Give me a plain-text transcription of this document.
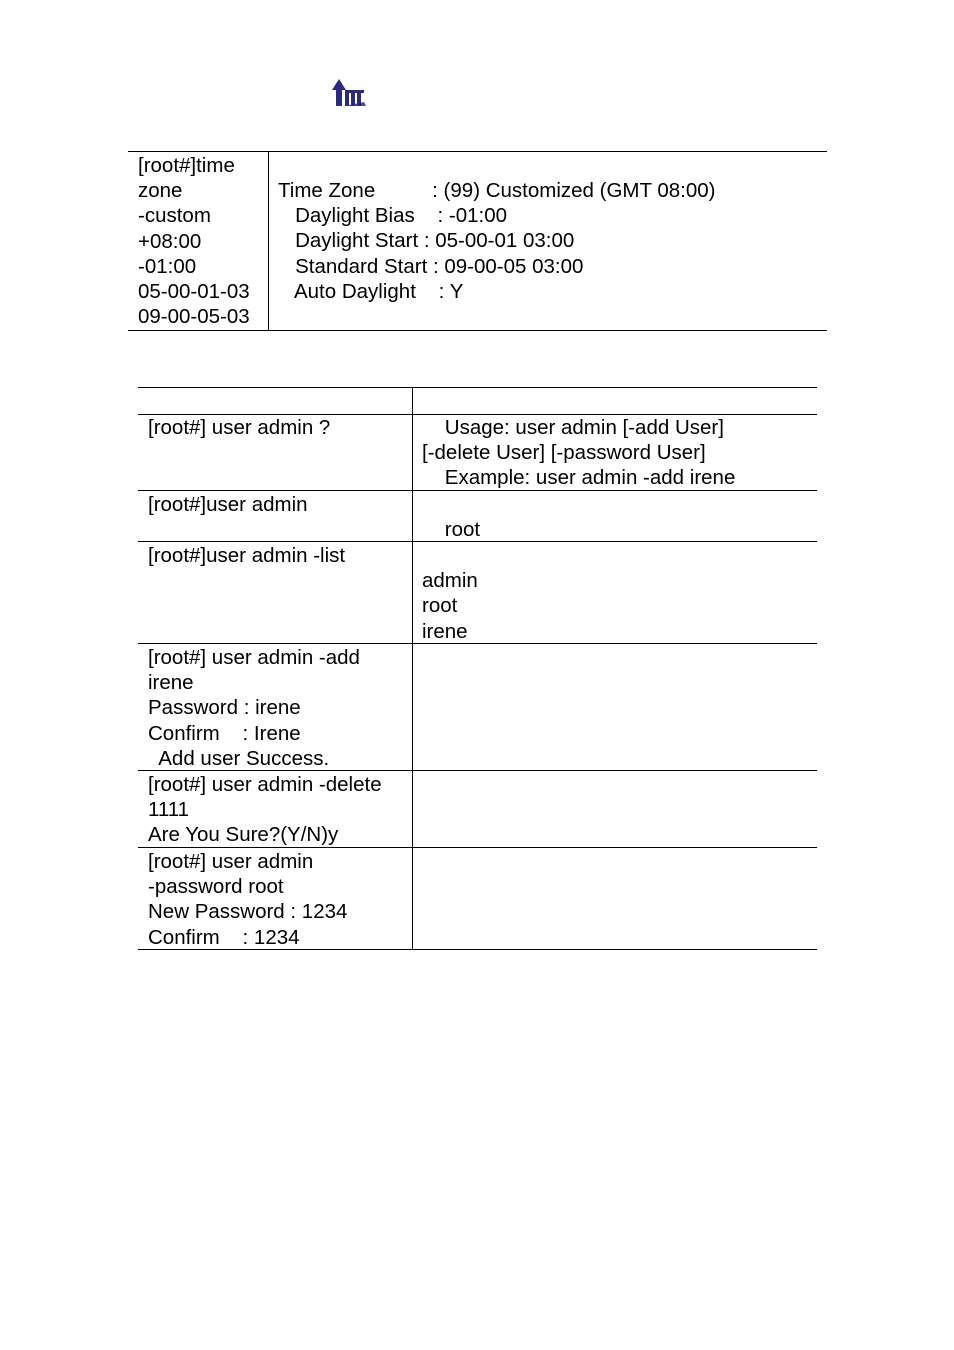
[root#]time
zone
-custom
+08:00
-01:00
05-00-01-03
09-00-05-03
Time Zone          : (99) Customized (GMT 08:00)
Daylight Bias    : -01:00
Daylight Start : 05-00-01 03:00
Standard Start : 09-00-05 03:00
Auto Daylight    : Y
[root#] user admin ?	Usage: user admin [-add User]
[-delete User] [-password User]
Example: user admin -add irene
[root#]user admin
root
[root#]user admin -list
admin
root
irene
[root#] user admin -add
irene
Password : irene
Confirm    : Irene
Add user Success.
[root#] user admin -delete
1111
Are You Sure?(Y/N)y
[root#] user admin
-password root
New Password : 1234
Confirm    : 1234
